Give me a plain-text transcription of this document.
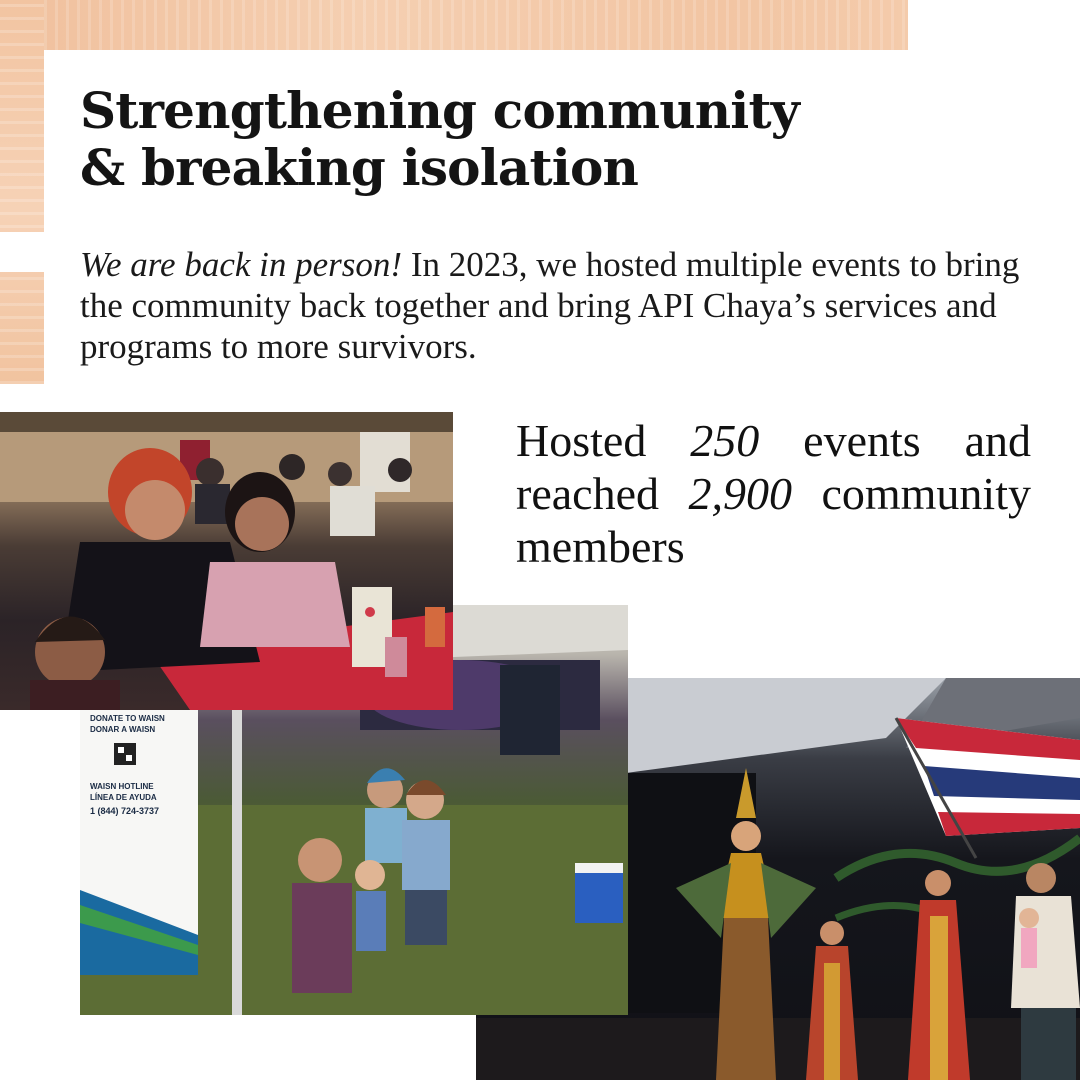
Strengthening community
& breaking isolation

We are back in person! In 2023, we hosted multiple events to bring the community back together and bring API Chaya’s services and programs to more survivors.

Hosted 250 events and reached 2,900 community members

DONATE TO WAISN
DONAR A WAISN
WAISN HOTLINE
LÍNEA DE AYUDA
1 (844) 724-3737
